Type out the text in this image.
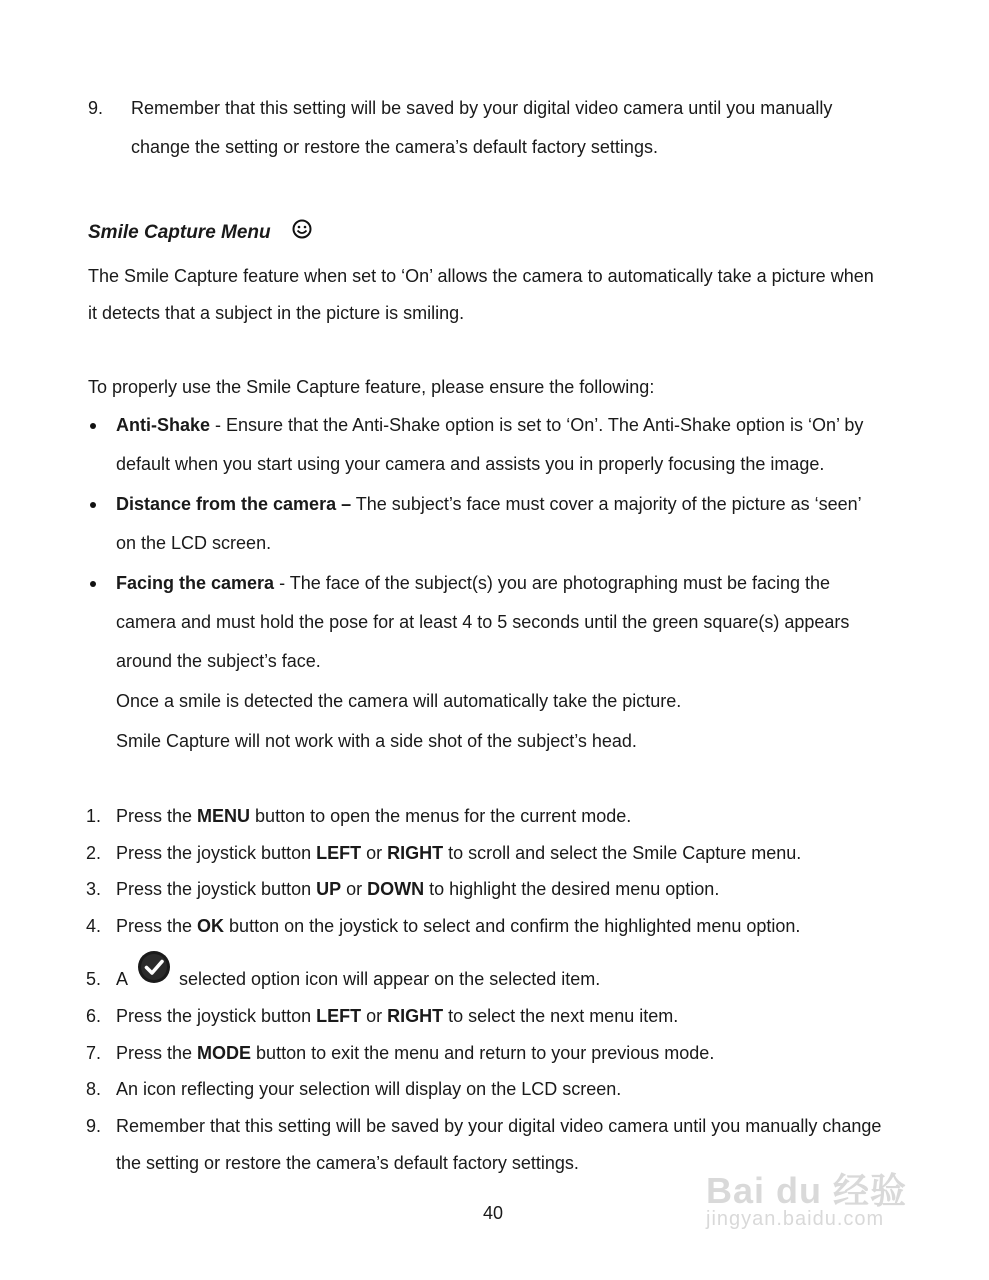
9. Remember that this setting will be saved by your digital video camera until you manually
change the setting or restore the camera’s default factory settings.
Smile Capture Menu
The Smile Capture feature when set to ‘On’ allows the camera to automatically take a picture when
it detects that a subject in the picture is smiling.
To properly use the Smile Capture feature, please ensure the following:
Anti-Shake - Ensure that the Anti-Shake option is set to ‘On’. The Anti-Shake option is ‘On’ by
default when you start using your camera and assists you in properly focusing the image.
Distance from the camera – The subject’s face must cover a majority of the picture as ‘seen’
on the LCD screen.
Facing the camera - The face of the subject(s) you are photographing must be facing the
camera and must hold the pose for at least 4 to 5 seconds until the green square(s) appears
around the subject’s face.
Once a smile is detected the camera will automatically take the picture.
Smile Capture will not work with a side shot of the subject’s head.
1. Press the MENU button to open the menus for the current mode.
2. Press the joystick button LEFT or RIGHT to scroll and select the Smile Capture menu.
3. Press the joystick button UP or DOWN to highlight the desired menu option.
4. Press the OK button on the joystick to select and confirm the highlighted menu option.
5. A	selected option icon will appear on the selected item.
6. Press the joystick button LEFT or RIGHT to select the next menu item.
7. Press the MODE button to exit the menu and return to your previous mode.
8. An icon reflecting your selection will display on the LCD screen.
9. Remember that this setting will be saved by your digital video camera until you manually change
the setting or restore the camera’s default factory settings.
40
Bai du 经验
jingyan.baidu.com
